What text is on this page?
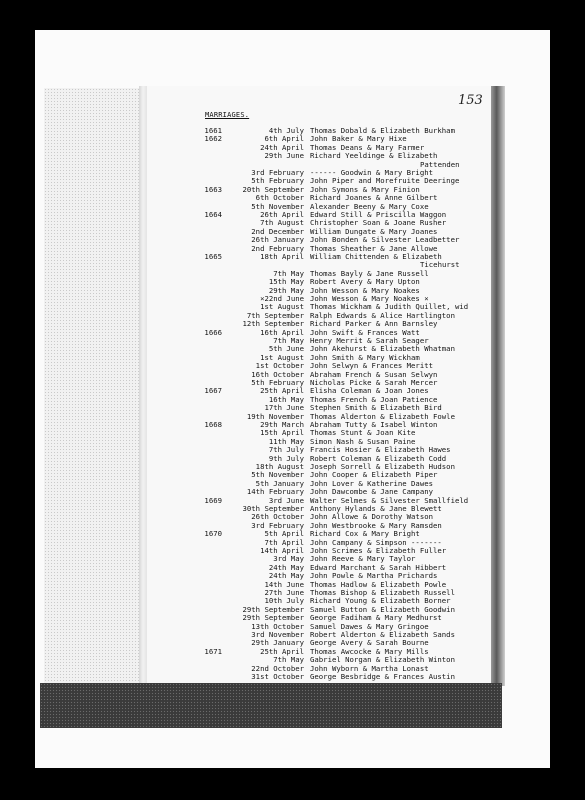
153
MARRIAGES.
1661	4th July Thomas Dobald & Elizabeth Burkham
1662	6th April John Baker & Mary Hixe
24th April Thomas Deans & Mary Farmer
29th June Richard Yeeldinge & Elizabeth
Pattenden
3rd February ------ Goodwin & Mary Bright
5th February John Piper and Morefruite Deeringe
1663	20th September John Symons & Mary Finion
6th October Richard Joanes & Anne Gilbert
5th November Alexander Beeny & Mary Coxe
1664	26th April Edward Still & Priscilla Waggon
7th August Christopher Soan & Joane Rusher
2nd December William Dungate & Mary Joanes
26th January John Bonden & Silvester Leadbetter
2nd February Thomas Sheather & Jane Allowe
1665	18th April William Chittenden & Elizabeth
Ticehurst
7th May Thomas Bayly & Jane Russell
15th May Robert Avery & Mary Upton
29th May John Wesson & Mary Noakes
×22nd June John Wesson & Mary Noakes ×
1st August Thomas Wickham & Judith Quillet, wid
7th September Ralph Edwards & Alice Hartlington
12th September Richard Parker & Ann Barnsley
1666	16th April John Swift & Frances Watt
7th May Henry Merrit & Sarah Seager
5th June John Akehurst & Elizabeth Whatman
1st August John Smith & Mary Wickham
1st October John Selwyn & Frances Meritt
16th October Abraham French & Susan Selwyn
5th February Nicholas Picke & Sarah Mercer
1667	25th April Elisha Coleman & Joan Jones
16th May Thomas French & Joan Patience
17th June Stephen Smith & Elizabeth Bird
19th November Thomas Alderton & Elizabeth Fowle
1668	29th March Abraham Tutty & Isabel Winton
15th April Thomas Stunt & Joan Kite
11th May Simon Nash & Susan Paine
7th July Francis Hosier & Elizabeth Hawes
9th July Robert Coleman & Elizabeth Codd
18th August Joseph Sorrell & Elizabeth Hudson
5th November John Cooper & Elizabeth Piper
5th January John Lover & Katherine Dawes
14th February John Dawcombe & Jane Campany
1669	3rd June Walter Selmes & Silvester Smallfield
30th September Anthony Hylands & Jane Blewett
26th October John Allowe & Dorothy Watson
3rd February John Westbrooke & Mary Ramsden
1670	5th April Richard Cox & Mary Bright
7th April John Campany & Simpson -------
14th April John Scrimes & Elizabeth Fuller
3rd May John Reeve & Mary Taylor
24th May Edward Marchant & Sarah Hibbert
24th May John Powle & Martha Prichards
14th June Thomas Hadlow & Elizabeth Powle
27th June Thomas Bishop & Elizabeth Russell
10th July Richard Young & Elizabeth Borner
29th September Samuel Button & Elizabeth Goodwin
29th September George Fadiham & Mary Medhurst
13th October Samuel Dawes & Mary Gringoe
3rd November Robert Alderton & Elizabeth Sands
29th January George Avery & Sarah Bourne
1671	25th April Thomas Awcocke & Mary Mills
7th May Gabriel Norgan & Elizabeth Winton
22nd October John Wyborn & Martha Lonast
31st October George Besbridge & Frances Austin
